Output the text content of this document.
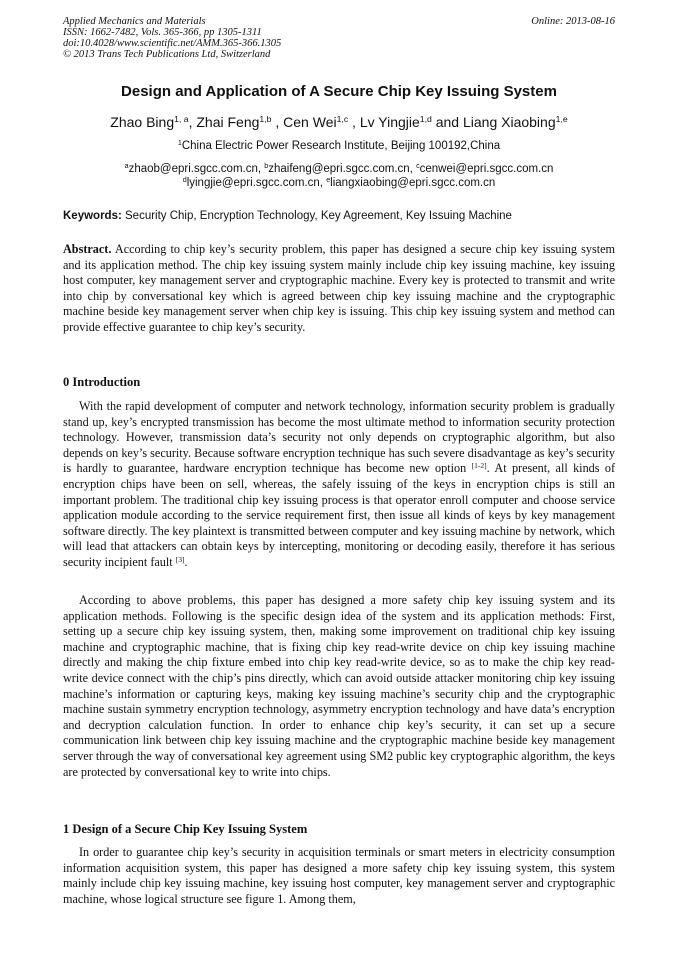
Applied Mechanics and Materials
ISSN: 1662-7482, Vols. 365-366, pp 1305-1311
doi:10.4028/www.scientific.net/AMM.365-366.1305
© 2013 Trans Tech Publications Ltd, Switzerland
Online: 2013-08-16
Design and Application of A Secure Chip Key Issuing System
Zhao Bing$^{1, a}$, Zhai Feng$^{1,b}$ , Cen Wei$^{1,c}$ , Lv Yingjie$^{1,d}$ and Liang Xiaobing$^{1,e}$
$^1$China Electric Power Research Institute, Beijing 100192,China
$^a$zhaob@epri.sgcc.com.cn, $^b$zhaifeng@epri.sgcc.com.cn, $^c$cenwei@epri.sgcc.com.cn
$^d$lyingjie@epri.sgcc.com.cn, $^e$liangxiaobing@epri.sgcc.com.cn
Keywords: Security Chip, Encryption Technology, Key Agreement, Key Issuing Machine

Abstract. According to chip key’s security problem, this paper has designed a secure chip key issuing system and its application method. The chip key issuing system mainly include chip key issuing machine, key issuing host computer, key management server and cryptographic machine. Every key is protected to transmit and write into chip by conversational key which is agreed between chip key issuing machine and the cryptographic machine beside key management server when chip key is issuing. This chip key issuing system and method can provide effective guarantee to chip key’s security.

0 Introduction

With the rapid development of computer and network technology, information security problem is gradually stand up, key’s encrypted transmission has become the most ultimate method to information security protection technology. However, transmission data’s security not only depends on cryptographic algorithm, but also depends on key’s security. Because software encryption technique has such severe disadvantage as key’s security is hardly to guarantee, hardware encryption technique has become new option [1-2]. At present, all kinds of encryption chips have been on sell, whereas, the safely issuing of the keys in encryption chips is still an important problem. The traditional chip key issuing process is that operator enroll computer and choose service application module according to the service requirement first, then issue all kinds of keys by key management software directly. The key plaintext is transmitted between computer and key issuing machine by network, which will lead that attackers can obtain keys by intercepting, monitoring or decoding easily, therefore it has serious security incipient fault [3].

According to above problems, this paper has designed a more safety chip key issuing system and its application methods. Following is the specific design idea of the system and its application methods: First, setting up a secure chip key issuing system, then, making some improvement on traditional chip key issuing machine and cryptographic machine, that is fixing chip key read-write device on chip key issuing machine directly and making the chip fixture embed into chip key read-write device, so as to make the chip key read-write device connect with the chip’s pins directly, which can avoid outside attacker monitoring chip key issuing machine’s information or capturing keys, making key issuing machine’s security chip and the cryptographic machine sustain symmetry encryption technology, asymmetry encryption technology and have data’s encryption and decryption calculation function. In order to enhance chip key’s security, it can set up a secure communication link between chip key issuing machine and the cryptographic machine beside key management server through the way of conversational key agreement using SM2 public key cryptographic algorithm, the keys are protected by conversational key to write into chips.

1 Design of a Secure Chip Key Issuing System

In order to guarantee chip key’s security in acquisition terminals or smart meters in electricity consumption information acquisition system, this paper has designed a more safety chip key issuing system, this system mainly include chip key issuing machine, key issuing host computer, key management server and cryptographic machine, whose logical structure see figure 1. Among them,
